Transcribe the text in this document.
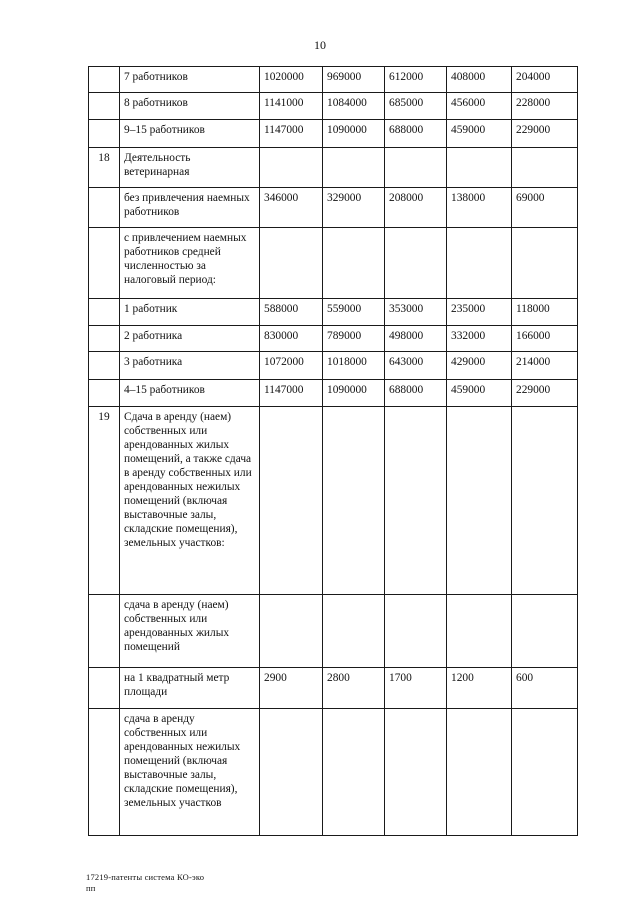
10
	7 работников	1020000	969000	612000	408000	204000
	8 работников	1141000	1084000	685000	456000	228000
	9–15 работников	1147000	1090000	688000	459000	229000
18	Деятельность ветеринарная					
	без привлечения наемных работников	346000	329000	208000	138000	69000
	с привлечением наемных работников средней численностью за налоговый период:					
	1 работник	588000	559000	353000	235000	118000
	2 работника	830000	789000	498000	332000	166000
	3 работника	1072000	1018000	643000	429000	214000
	4–15 работников	1147000	1090000	688000	459000	229000
19	Сдача в аренду (наем) собственных или арендованных жилых помещений, а также сдача в аренду собственных или арендованных нежилых помещений (включая выставочные залы, складские помещения), земельных участков:					
	сдача в аренду (наем) собственных или арендованных жилых помещений					
	на 1 квадратный метр площади	2900	2800	1700	1200	600
	сдача в аренду собственных или арендованных нежилых помещений (включая выставочные залы, складские помещения), земельных участков					
17219-патенты система КО-эко
пп
